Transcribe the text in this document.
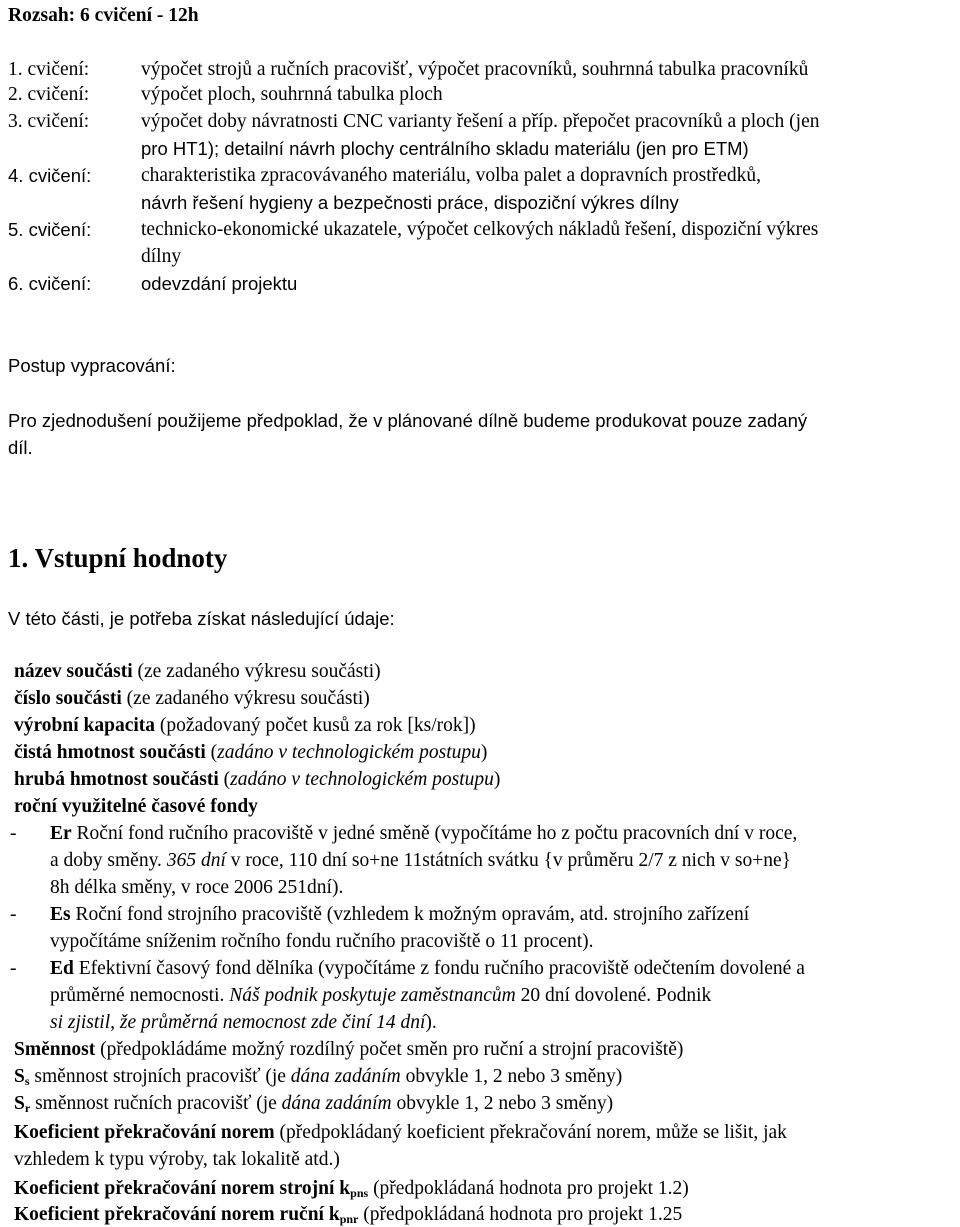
Rozsah: 6 cvičení - 12h
1. cvičení:	výpočet strojů a ručních pracovišť, výpočet pracovníků, souhrnná tabulka pracovníků
2. cvičení:	výpočet ploch, souhrnná tabulka ploch
3. cvičení:	výpočet doby návratnosti CNC varianty řešení a příp. přepočet pracovníků a ploch (jen
pro HT1); detailní návrh plochy centrálního skladu materiálu (jen pro ETM)
4. cvičení:	charakteristika zpracovávaného materiálu, volba palet a dopravních prostředků,
návrh řešení hygieny a bezpečnosti práce, dispoziční výkres dílny
5. cvičení:	technicko-ekonomické ukazatele, výpočet celkových nákladů řešení, dispoziční výkres
dílny
6. cvičení:	odevzdání projektu
Postup vypracování:
Pro zjednodušení použijeme předpoklad, že v plánované dílně budeme produkovat pouze zadaný
díl.
1. Vstupní hodnoty
V této části, je potřeba získat následující údaje:
název součásti (ze zadaného výkresu součásti)
číslo součásti (ze zadaného výkresu součásti)
výrobní kapacita (požadovaný počet kusů za rok [ks/rok])
čistá hmotnost součásti (zadáno v technologickém postupu)
hrubá hmotnost součásti (zadáno v technologickém postupu)
roční využitelné časové fondy
- Er Roční fond ručního pracoviště v jedné směně (vypočítáme ho z počtu pracovních dní v roce,
a doby směny. 365 dní v roce, 110 dní so+ne 11státních svátku {v průměru 2/7 z nich v so+ne}
8h délka směny, v roce 2006 251dní).
- Es Roční fond strojního pracoviště (vzhledem k možným opravám, atd. strojního zařízení
vypočítáme sníženim ročního fondu ručního pracoviště o 11 procent).
- Ed Efektivní časový fond dělníka (vypočítáme z fondu ručního pracoviště odečtením dovolené a
průměrné nemocnosti. Náš podnik poskytuje zaměstnancům 20 dní dovolené. Podnik
si zjistil, že průměrná nemocnost zde činí 14 dní).
Směnnost (předpokládáme možný rozdílný počet směn pro ruční a strojní pracoviště)
$S_s$ směnnost strojních pracovišť (je dána zadáním obvykle 1, 2 nebo 3 směny)
$S_r$ směnnost ručních pracovišť (je dána zadáním obvykle 1, 2 nebo 3 směny)
Koeficient překračování norem (předpokládaný koeficient překračování norem, může se lišit, jak
vzhledem k typu výroby, tak lokalitě atd.)
Koeficient překračování norem strojní $k_{pns}$ (předpokládaná hodnota pro projekt 1.2)
Koeficient překračování norem ruční $k_{pnr}$ (předpokládaná hodnota pro projekt 1.25
